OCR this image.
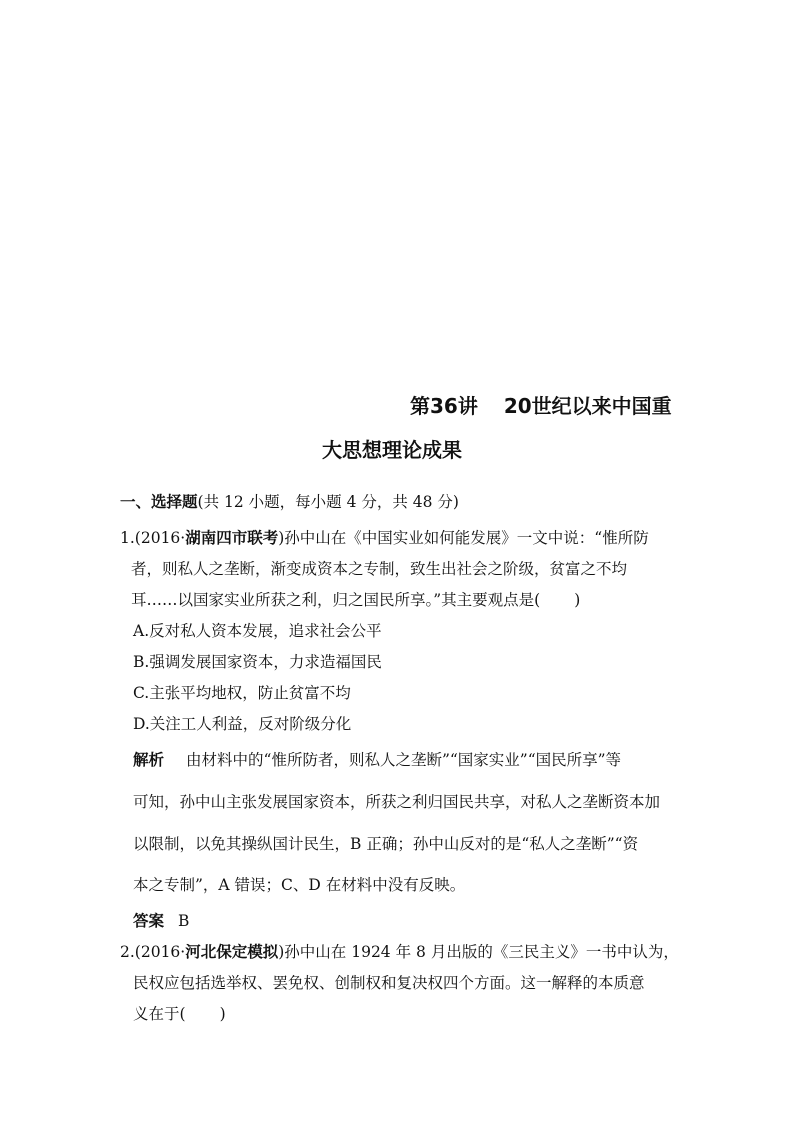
第36讲 20世纪以来中国重
大思想理论成果
一、选择题(共 12 小题，每小题 4 分，共 48 分)
1.(2016·湖南四市联考)孙中山在《中国实业如何能发展》一文中说：“惟所防
者，则私人之垄断，渐变成资本之专制，致生出社会之阶级，贫富之不均
耳……以国家实业所获之利，归之国民所享。”其主要观点是( )
A.反对私人资本发展，追求社会公平
B.强调发展国家资本，力求造福国民
C.主张平均地权，防止贫富不均
D.关注工人利益，反对阶级分化
解析 由材料中的“惟所防者，则私人之垄断”“国家实业”“国民所享”等
可知，孙中山主张发展国家资本，所获之利归国民共享，对私人之垄断资本加
以限制，以免其操纵国计民生，B 正确；孙中山反对的是“私人之垄断”“资
本之专制”，A 错误；C、D 在材料中没有反映。
答案 B
2.(2016·河北保定模拟)孙中山在 1924 年 8 月出版的《三民主义》一书中认为，
民权应包括选举权、罢免权、创制权和复决权四个方面。这一解释的本质意
义在于( )
